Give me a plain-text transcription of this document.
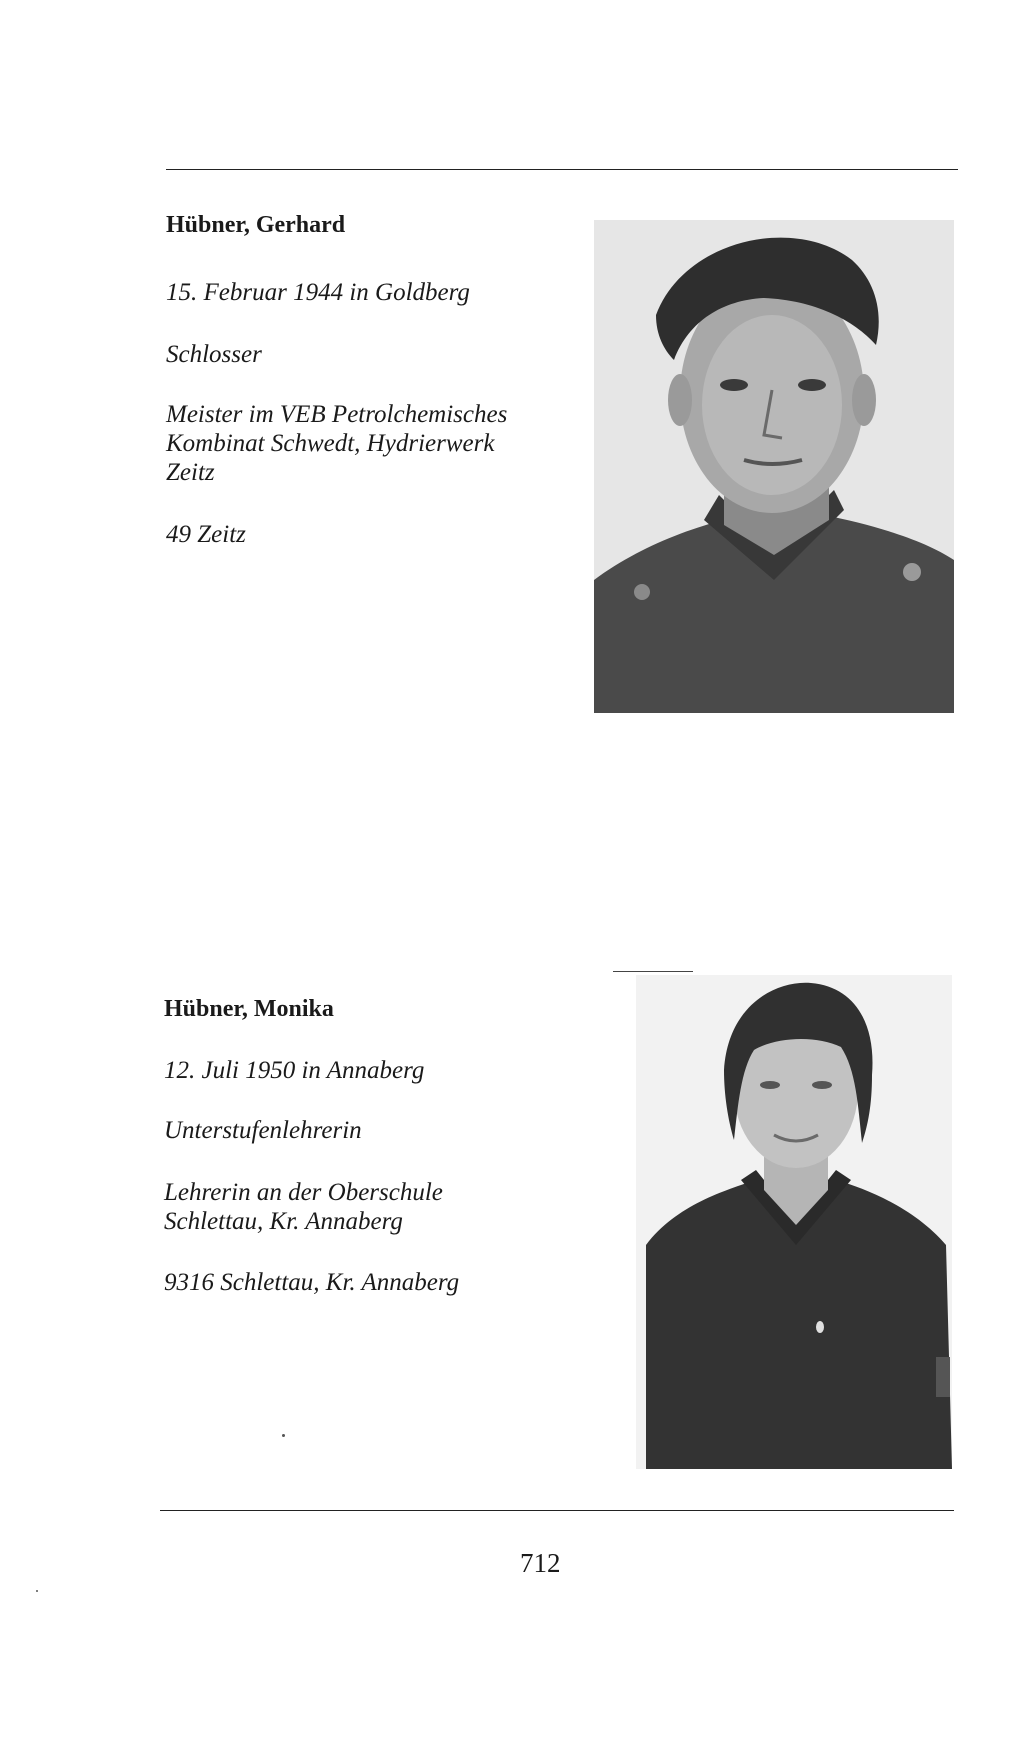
Hübner, Gerhard

15. Februar 1944 in Goldberg

Schlosser

Meister im VEB Petrolchemisches

Kombinat Schwedt, Hydrierwerk

Zeitz

49 Zeitz

Hübner, Monika

12. Juli 1950 in Annaberg

Unterstufenlehrerin

Lehrerin an der Oberschule

Schlettau, Kr. Annaberg

9316 Schlettau, Kr. Annaberg

712
